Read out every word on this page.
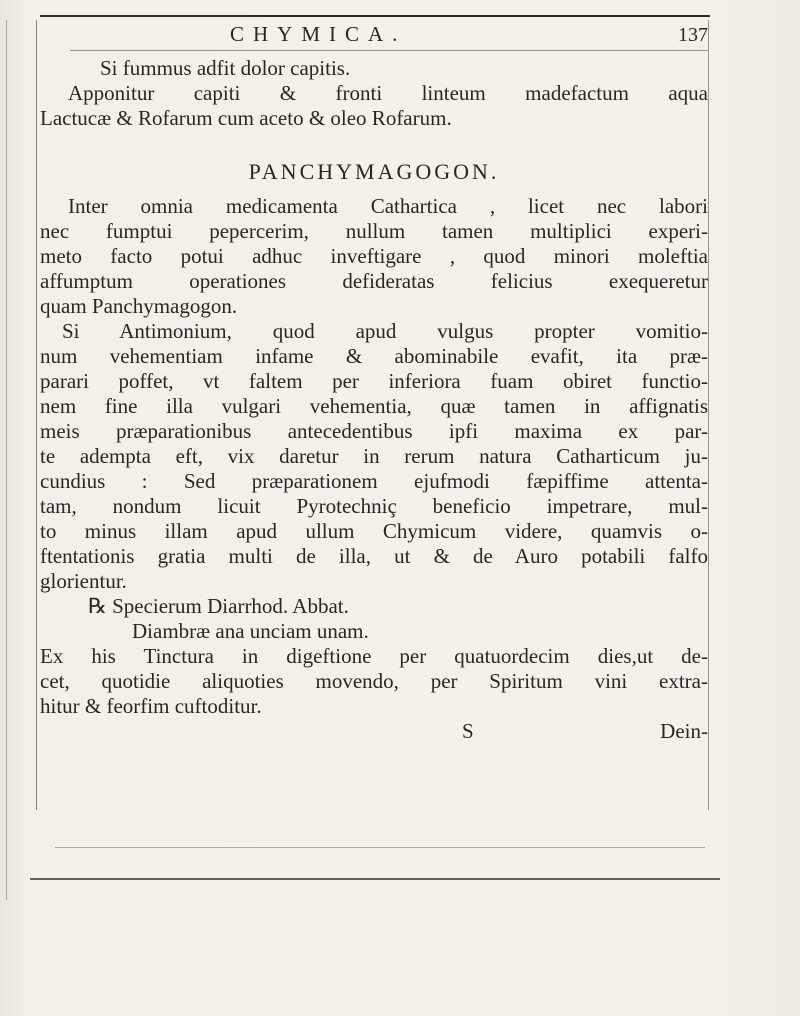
CHYMICA.	137
Si fummus adfit dolor capitis.
Apponitur capiti & fronti linteum madefactum aqua
Lactucæ & Rofarum cum aceto & oleo Rofarum.
PANCHYMAGOGON.
Inter omnia medicamenta Cathartica , licet nec labori
nec fumptui pepercerim, nullum tamen multiplici experi-
meto facto potui adhuc inveftigare , quod minori moleftia
affumptum operationes defideratas felicius exequeretur
quam Panchymagogon.
Si Antimonium, quod apud vulgus propter vomitio-
num vehementiam infame & abominabile evafit, ita præ-
parari poffet, vt faltem per inferiora fuam obiret functio-
nem fine illa vulgari vehementia, quæ tamen in affignatis
meis præparationibus antecedentibus ipfi maxima ex par-
te adempta eft, vix daretur in rerum natura Catharticum ju-
cundius : Sed præparationem ejufmodi fæpiffime attenta-
tam, nondum licuit Pyrotechniç beneficio impetrare, mul-
to minus illam apud ullum Chymicum videre, quamvis o-
ftentationis gratia multi de illa, ut & de Auro potabili falfo
glorientur.
℞ Specierum Diarrhod. Abbat.
Diambræ ana unciam unam.
Ex his Tinctura in digeftione per quatuordecim dies,ut de-
cet, quotidie aliquoties movendo, per Spiritum vini extra-
hitur & feorfim cuftoditur.
S	Dein-
